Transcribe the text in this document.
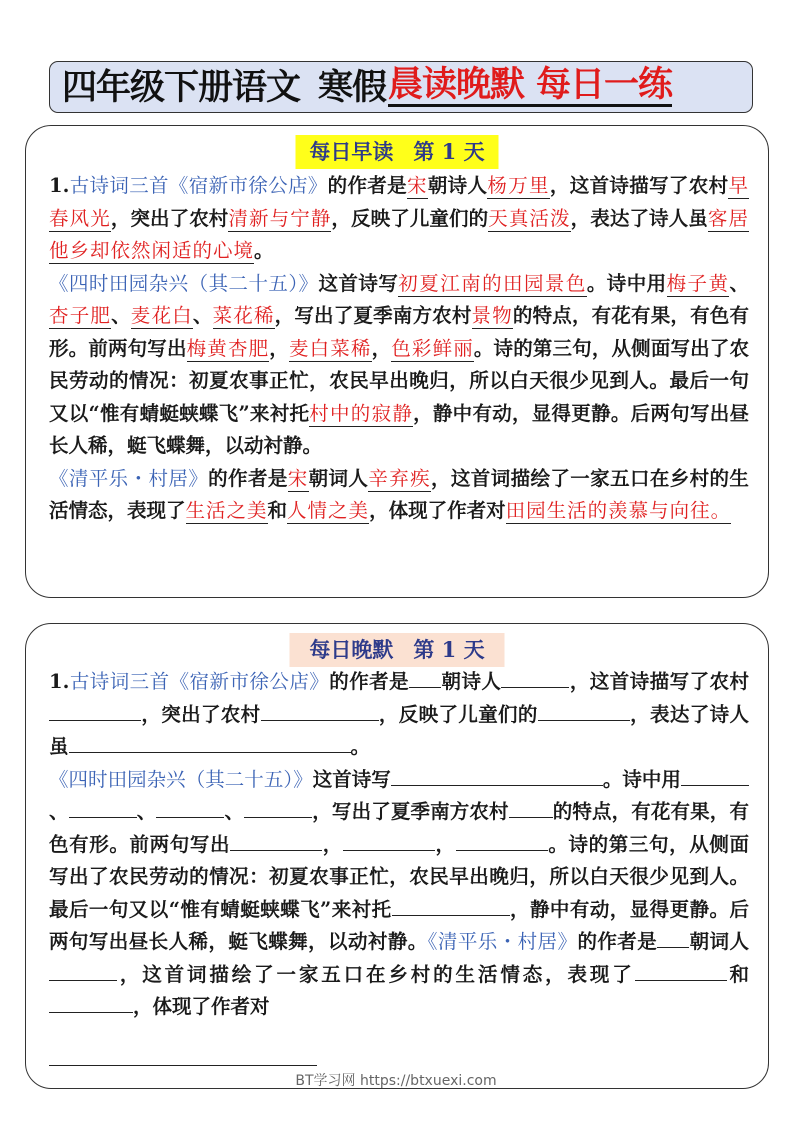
四年级下册语文 寒假 晨读晚默 每日一练
每日早读 第 1 天
1.古诗词三首《宿新市徐公店》的作者是宋朝诗人杨万里，这首诗描写了农村早春风光，突出了农村清新与宁静，反映了儿童们的天真活泼，表达了诗人虽客居他乡却依然闲适的心境。
《四时田园杂兴（其二十五）》这首诗写初夏江南的田园景色。诗中用梅子黄、杏子肥、麦花白、菜花稀，写出了夏季南方农村景物的特点，有花有果，有色有形。前两句写出梅黄杏肥，麦白菜稀，色彩鲜丽。诗的第三句，从侧面写出了农民劳动的情况：初夏农事正忙，农民早出晚归，所以白天很少见到人。最后一句又以“惟有蜻蜓蛱蝶飞”来衬托村中的寂静，静中有动，显得更静。后两句写出昼长人稀，蜓飞蝶舞，以动衬静。
《清平乐・村居》的作者是宋朝词人辛弃疾，这首词描绘了一家五口在乡村的生活情态，表现了生活之美和人情之美，体现了作者对田园生活的羡慕与向往。
每日晚默 第 1 天
1.古诗词三首《宿新市徐公店》的作者是 朝诗人	，这首诗描写了农村，突出了农村	，反映了儿童们的	，表达了诗人虽	。
《四时田园杂兴（其二十五）》这首诗写	。诗中用、	、	、	，写出了夏季南方农村 的特点，有花有果，有色有形。前两句写出	，	，	。诗的第三句，从侧面写出了农民劳动的情况：初夏农事正忙，农民早出晚归，所以白天很少见到人。最后一句又以“惟有蜻蜓蛱蝶飞”来衬托	，静中有动，显得更静。后两句写出昼长人稀，蜓飞蝶舞，以动衬静。《清平乐・村居》的作者是 朝词人，这首词描绘了一家五口在乡村的生活情态，表现了	和，体现了作者对
BT学习网 https://btxuexi.com
